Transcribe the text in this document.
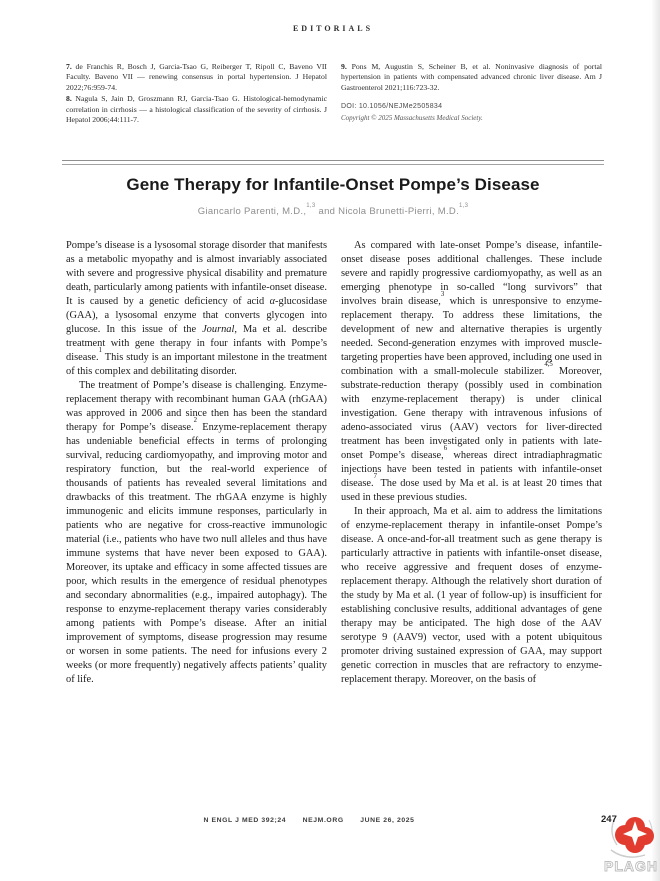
EDITORIALS

7. de Franchis R, Bosch J, Garcia-Tsao G, Reiberger T, Ripoll C, Baveno VII Faculty. Baveno VII — renewing consensus in portal hypertension. J Hepatol 2022;76:959-74.

8. Nagula S, Jain D, Groszmann RJ, Garcia-Tsao G. Histological-hemodynamic correlation in cirrhosis — a histological classification of the severity of cirrhosis. J Hepatol 2006;44:111-7.

9. Pons M, Augustin S, Scheiner B, et al. Noninvasive diagnosis of portal hypertension in patients with compensated advanced chronic liver disease. Am J Gastroenterol 2021;116:723-32.

DOI: 10.1056/NEJMe2505834
Copyright © 2025 Massachusetts Medical Society.
Gene Therapy for Infantile-Onset Pompe’s Disease
Giancarlo Parenti, M.D.,$^{1,3}$ and Nicola Brunetti-Pierri, M.D.$^{1,3}$

Pompe’s disease is a lysosomal storage disorder that manifests as a metabolic myopathy and is almost invariably associated with severe and progressive physical disability and premature death, particularly among patients with infantile-onset disease. It is caused by a genetic deficiency of acid α-glucosidase (GAA), a lysosomal enzyme that converts glycogen into glucose. In this issue of the Journal, Ma et al. describe treatment with gene therapy in four infants with Pompe’s disease.$^1$ This study is an important milestone in the treatment of this complex and debilitating disorder.

The treatment of Pompe’s disease is challenging. Enzyme-replacement therapy with recombinant human GAA (rhGAA) was approved in 2006 and since then has been the standard therapy for Pompe’s disease.$^2$ Enzyme-replacement therapy has undeniable beneficial effects in terms of prolonging survival, reducing cardiomyopathy, and improving motor and respiratory function, but the real-world experience of thousands of patients has revealed several limitations and drawbacks of this treatment. The rhGAA enzyme is highly immunogenic and elicits immune responses, particularly in patients who are negative for cross-reactive immunologic material (i.e., patients who have two null alleles and thus have immune systems that have never been exposed to GAA). Moreover, its uptake and efficacy in some affected tissues are poor, which results in the emergence of residual phenotypes and secondary abnormalities (e.g., impaired autophagy). The response to enzyme-replacement therapy varies considerably among patients with Pompe’s disease. After an initial improvement of symptoms, disease progression may resume or worsen in some patients. The need for infusions every 2 weeks (or more frequently) negatively affects patients’ quality of life.

As compared with late-onset Pompe’s disease, infantile-onset disease poses additional challenges. These include severe and rapidly progressive cardiomyopathy, as well as an emerging phenotype in so-called “long survivors” that involves brain disease,$^3$ which is unresponsive to enzyme-replacement therapy. To address these limitations, the development of new and alternative therapies is urgently needed. Second-generation enzymes with improved muscle-targeting properties have been approved, including one used in combination with a small-molecule stabilizer.$^{4,5}$ Moreover, substrate-reduction therapy (possibly used in combination with enzyme-replacement therapy) is under clinical investigation. Gene therapy with intravenous infusions of adeno-associated virus (AAV) vectors for liver-directed treatment has been investigated only in patients with late-onset Pompe’s disease,$^6$ whereas direct intradiaphragmatic injections have been tested in patients with infantile-onset disease.$^7$ The dose used by Ma et al. is at least 20 times that used in these previous studies.

In their approach, Ma et al. aim to address the limitations of enzyme-replacement therapy in infantile-onset Pompe’s disease. A once-and-for-all treatment such as gene therapy is particularly attractive in patients with infantile-onset disease, who receive aggressive and frequent doses of enzyme-replacement therapy. Although the relatively short duration of the study by Ma et al. (1 year of follow-up) is insufficient for establishing conclusive results, additional advantages of gene therapy may be anticipated. The high dose of the AAV serotype 9 (AAV9) vector, used with a potent ubiquitous promoter driving sustained expression of GAA, may support genetic correction in muscles that are refractory to enzyme-replacement therapy. Moreover, on the basis of

N ENGL J MED 392;24 NEJM.ORG JUNE 26, 2025	247
PLAGH
